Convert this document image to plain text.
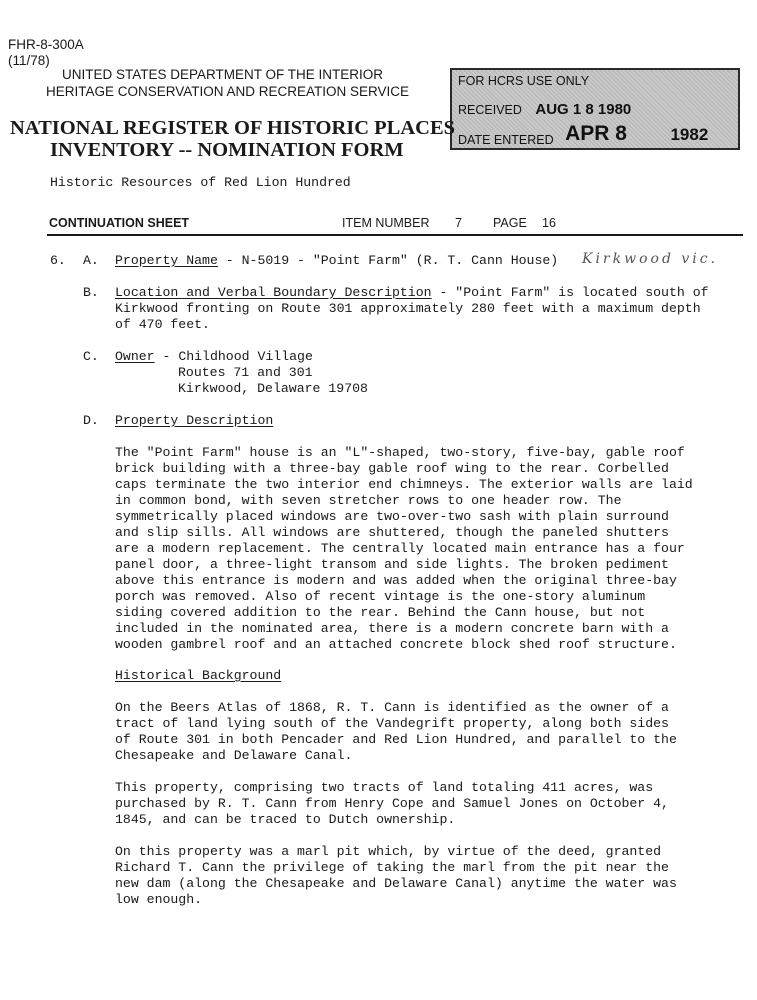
FHR-8-300A
(11/78)
UNITED STATES DEPARTMENT OF THE INTERIOR
HERITAGE CONSERVATION AND RECREATION SERVICE
FOR HCRS USE ONLY
RECEIVED AUG 1 8 1980
DATE ENTERED APR 8	1982
NATIONAL REGISTER OF HISTORIC PLACES
INVENTORY -- NOMINATION FORM
Historic Resources of Red Lion Hundred
CONTINUATION SHEET	ITEM NUMBER 7 PAGE 16
6. A. Property Name - N-5019 - "Point Farm" (R. T. Cann House) Kirkwood vic.
B. Location and Verbal Boundary Description - "Point Farm" is located south of
Kirkwood fronting on Route 301 approximately 280 feet with a maximum depth
of 470 feet.
C. Owner - Childhood Village
Routes 71 and 301
Kirkwood, Delaware 19708
D. Property Description
The "Point Farm" house is an "L"-shaped, two-story, five-bay, gable roof
brick building with a three-bay gable roof wing to the rear. Corbelled
caps terminate the two interior end chimneys. The exterior walls are laid
in common bond, with seven stretcher rows to one header row. The
symmetrically placed windows are two-over-two sash with plain surround
and slip sills. All windows are shuttered, though the paneled shutters
are a modern replacement. The centrally located main entrance has a four
panel door, a three-light transom and side lights. The broken pediment
above this entrance is modern and was added when the original three-bay
porch was removed. Also of recent vintage is the one-story aluminum
siding covered addition to the rear. Behind the Cann house, but not
included in the nominated area, there is a modern concrete barn with a
wooden gambrel roof and an attached concrete block shed roof structure.
Historical Background
On the Beers Atlas of 1868, R. T. Cann is identified as the owner of a
tract of land lying south of the Vandegrift property, along both sides
of Route 301 in both Pencader and Red Lion Hundred, and parallel to the
Chesapeake and Delaware Canal.
This property, comprising two tracts of land totaling 411 acres, was
purchased by R. T. Cann from Henry Cope and Samuel Jones on October 4,
1845, and can be traced to Dutch ownership.
On this property was a marl pit which, by virtue of the deed, granted
Richard T. Cann the privilege of taking the marl from the pit near the
new dam (along the Chesapeake and Delaware Canal) anytime the water was
low enough.
